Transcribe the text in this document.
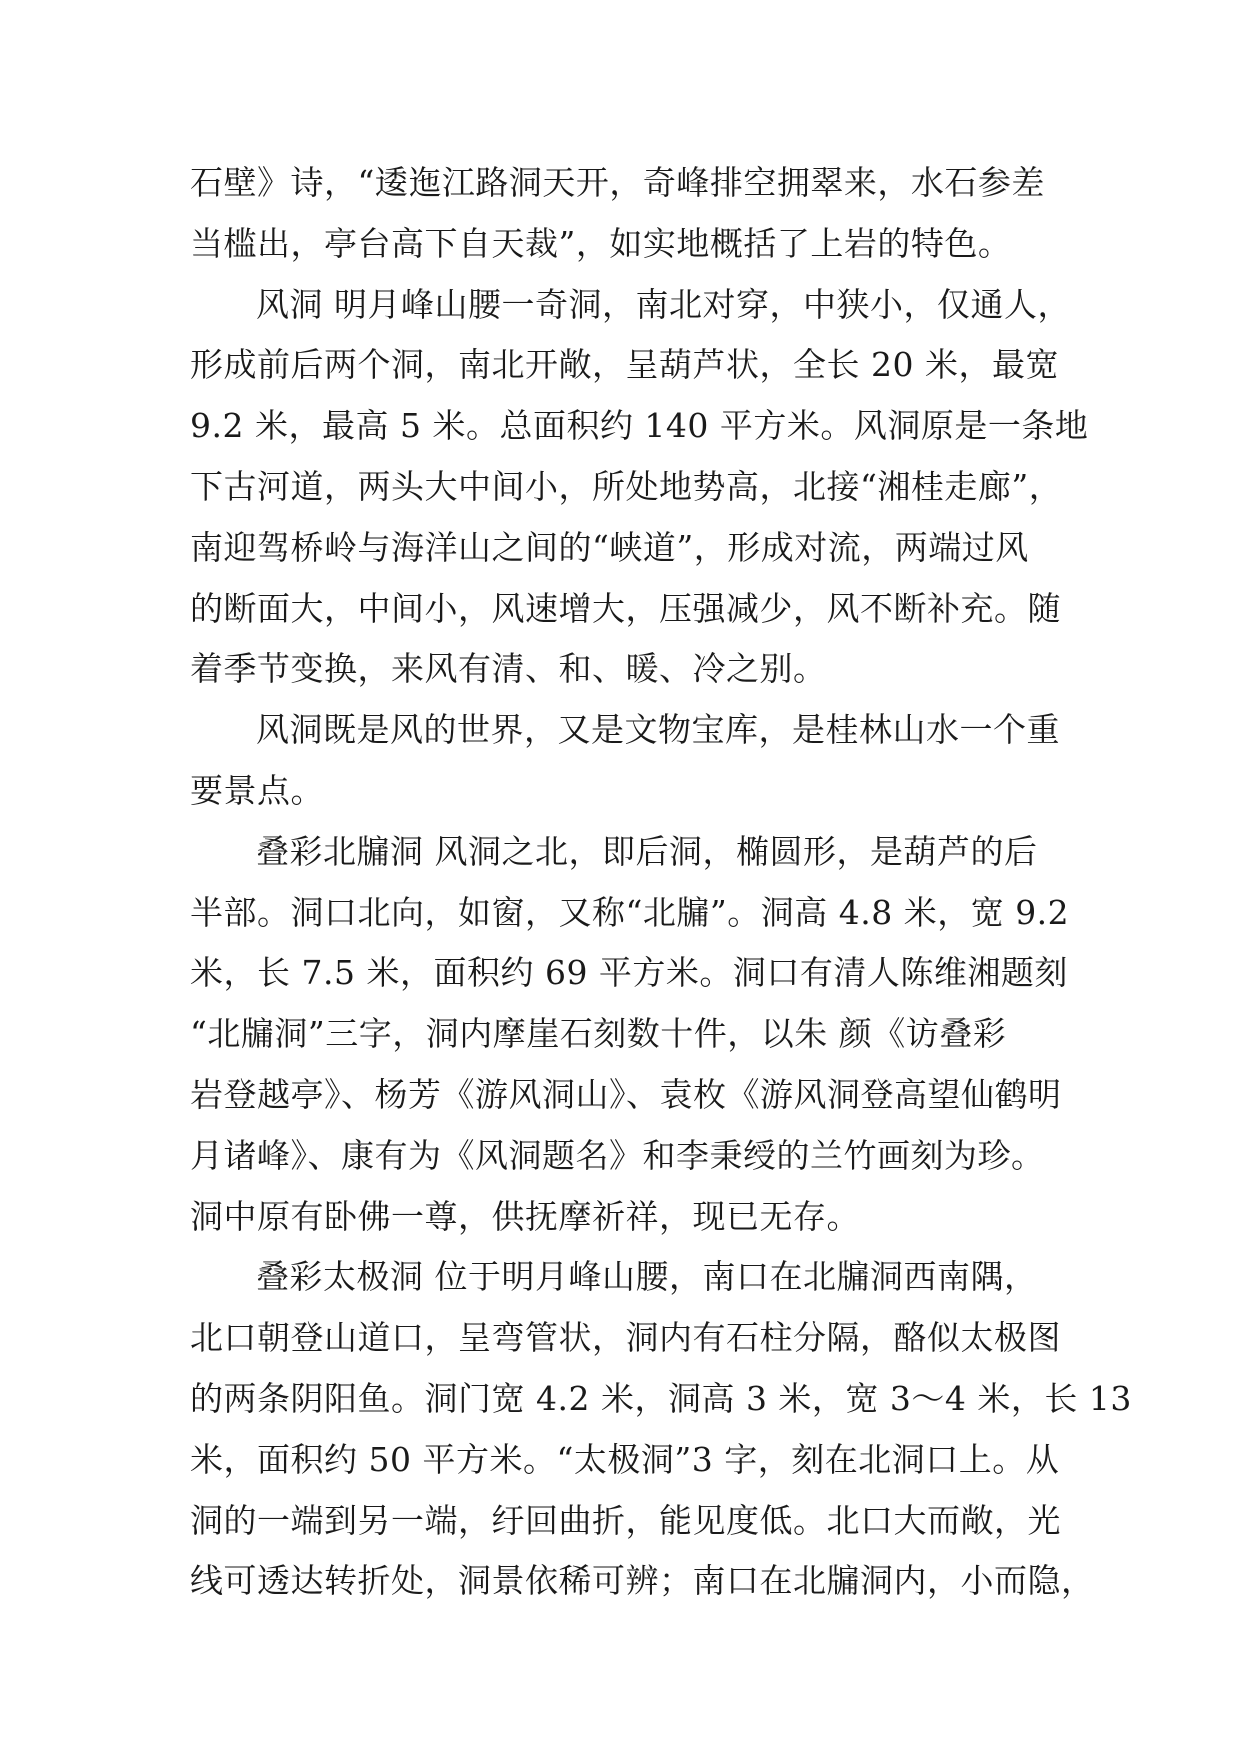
石壁》诗，“逶迤江路洞天开，奇峰排空拥翠来，水石参差
当槛出，亭台高下自天裁”，如实地概括了上岩的特色。
风洞 明月峰山腰一奇洞，南北对穿，中狭小，仅通人，
形成前后两个洞，南北开敞，呈葫芦状，全长 20 米，最宽
9.2 米，最高 5 米。总面积约 140 平方米。风洞原是一条地
下古河道，两头大中间小，所处地势高，北接“湘桂走廊”，
南迎驾桥岭与海洋山之间的“峡道”，形成对流，两端过风
的断面大，中间小，风速增大，压强减少，风不断补充。随
着季节变换，来风有清、和、暖、冷之别。
风洞既是风的世界，又是文物宝库，是桂林山水一个重
要景点。
叠彩北牖洞 风洞之北，即后洞，椭圆形，是葫芦的后
半部。洞口北向，如窗，又称“北牖”。洞高 4.8 米，宽 9.2
米，长 7.5 米，面积约 69 平方米。洞口有清人陈维湘题刻
“北牖洞”三字，洞内摩崖石刻数十件，以朱 颜《访叠彩
岩登越亭》、杨芳《游风洞山》、袁枚《游风洞登高望仙鹤明
月诸峰》、康有为《风洞题名》和李秉绶的兰竹画刻为珍。
洞中原有卧佛一尊，供抚摩祈祥，现已无存。
叠彩太极洞 位于明月峰山腰，南口在北牖洞西南隅，
北口朝登山道口，呈弯管状，洞内有石柱分隔，酪似太极图
的两条阴阳鱼。洞门宽 4.2 米，洞高 3 米，宽 3～4 米，长 13
米，面积约 50 平方米。“太极洞”3 字，刻在北洞口上。从
洞的一端到另一端，纡回曲折，能见度低。北口大而敞，光
线可透达转折处，洞景依稀可辨；南口在北牖洞内，小而隐，
